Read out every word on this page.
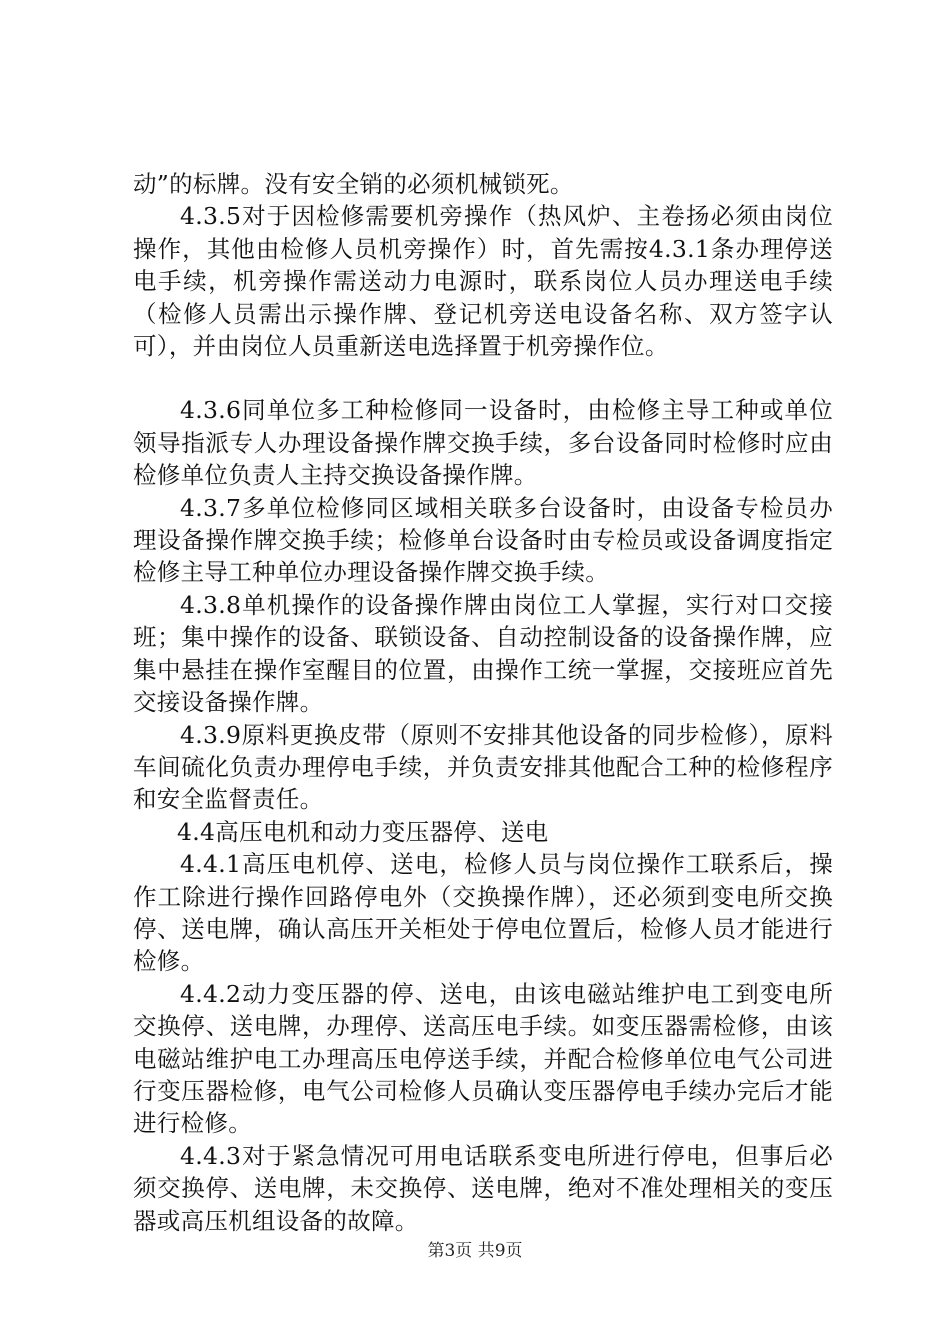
动”的标牌。没有安全销的必须机械锁死。

4.3.5对于因检修需要机旁操作（热风炉、主卷扬必须由岗位操作，其他由检修人员机旁操作）时，首先需按4.3.1条办理停送电手续，机旁操作需送动力电源时，联系岗位人员办理送电手续（检修人员需出示操作牌、登记机旁送电设备名称、双方签字认可），并由岗位人员重新送电选择置于机旁操作位。

4.3.6同单位多工种检修同一设备时，由检修主导工种或单位领导指派专人办理设备操作牌交换手续，多台设备同时检修时应由检修单位负责人主持交换设备操作牌。

4.3.7多单位检修同区域相关联多台设备时，由设备专检员办理设备操作牌交换手续；检修单台设备时由专检员或设备调度指定检修主导工种单位办理设备操作牌交换手续。

4.3.8单机操作的设备操作牌由岗位工人掌握，实行对口交接班；集中操作的设备、联锁设备、自动控制设备的设备操作牌，应集中悬挂在操作室醒目的位置，由操作工统一掌握，交接班应首先交接设备操作牌。

4.3.9原料更换皮带（原则不安排其他设备的同步检修），原料车间硫化负责办理停电手续，并负责安排其他配合工种的检修程序和安全监督责任。

4.4高压电机和动力变压器停、送电

4.4.1高压电机停、送电，检修人员与岗位操作工联系后，操作工除进行操作回路停电外（交换操作牌），还必须到变电所交换停、送电牌，确认高压开关柜处于停电位置后，检修人员才能进行检修。

4.4.2动力变压器的停、送电，由该电磁站维护电工到变电所交换停、送电牌，办理停、送高压电手续。如变压器需检修，由该电磁站维护电工办理高压电停送手续，并配合检修单位电气公司进行变压器检修，电气公司检修人员确认变压器停电手续办完后才能进行检修。

4.4.3对于紧急情况可用电话联系变电所进行停电，但事后必须交换停、送电牌，未交换停、送电牌，绝对不准处理相关的变压器或高压机组设备的故障。

第3页 共9页
